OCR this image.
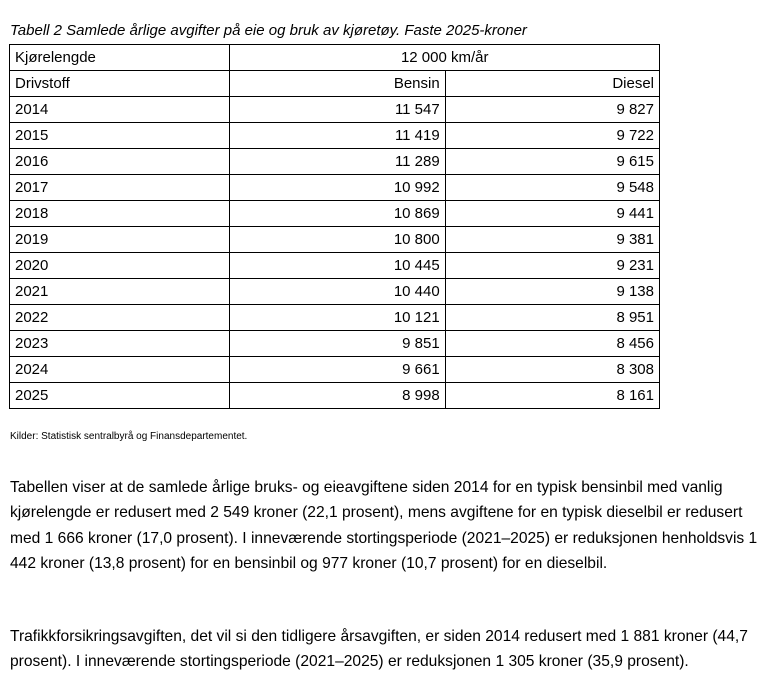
Tabell 2 Samlede årlige avgifter på eie og bruk av kjøretøy. Faste 2025-kroner
Kjørelengde	12 000 km/år	
Drivstoff	Bensin	Diesel
2014	11 547	9 827
2015	11 419	9 722
2016	11 289	9 615
2017	10 992	9 548
2018	10 869	9 441
2019	10 800	9 381
2020	10 445	9 231
2021	10 440	9 138
2022	10 121	8 951
2023	9 851	8 456
2024	9 661	8 308
2025	8 998	8 161
Kilder: Statistisk sentralbyrå og Finansdepartementet.

Tabellen viser at de samlede årlige bruks- og eieavgiftene siden 2014 for en typisk bensinbil med vanlig kjørelengde er redusert med 2 549 kroner (22,1 prosent), mens avgiftene for en typisk dieselbil er redusert med 1 666 kroner (17,0 prosent). I inneværende stortingsperiode (2021–2025) er reduksjonen henholdsvis 1 442 kroner (13,8 prosent) for en bensinbil og 977 kroner (10,7 prosent) for en dieselbil.

Trafikkforsikringsavgiften, det vil si den tidligere årsavgiften, er siden 2014 redusert med 1 881 kroner (44,7 prosent). I inneværende stortingsperiode (2021–2025) er reduksjonen 1 305 kroner (35,9 prosent).
